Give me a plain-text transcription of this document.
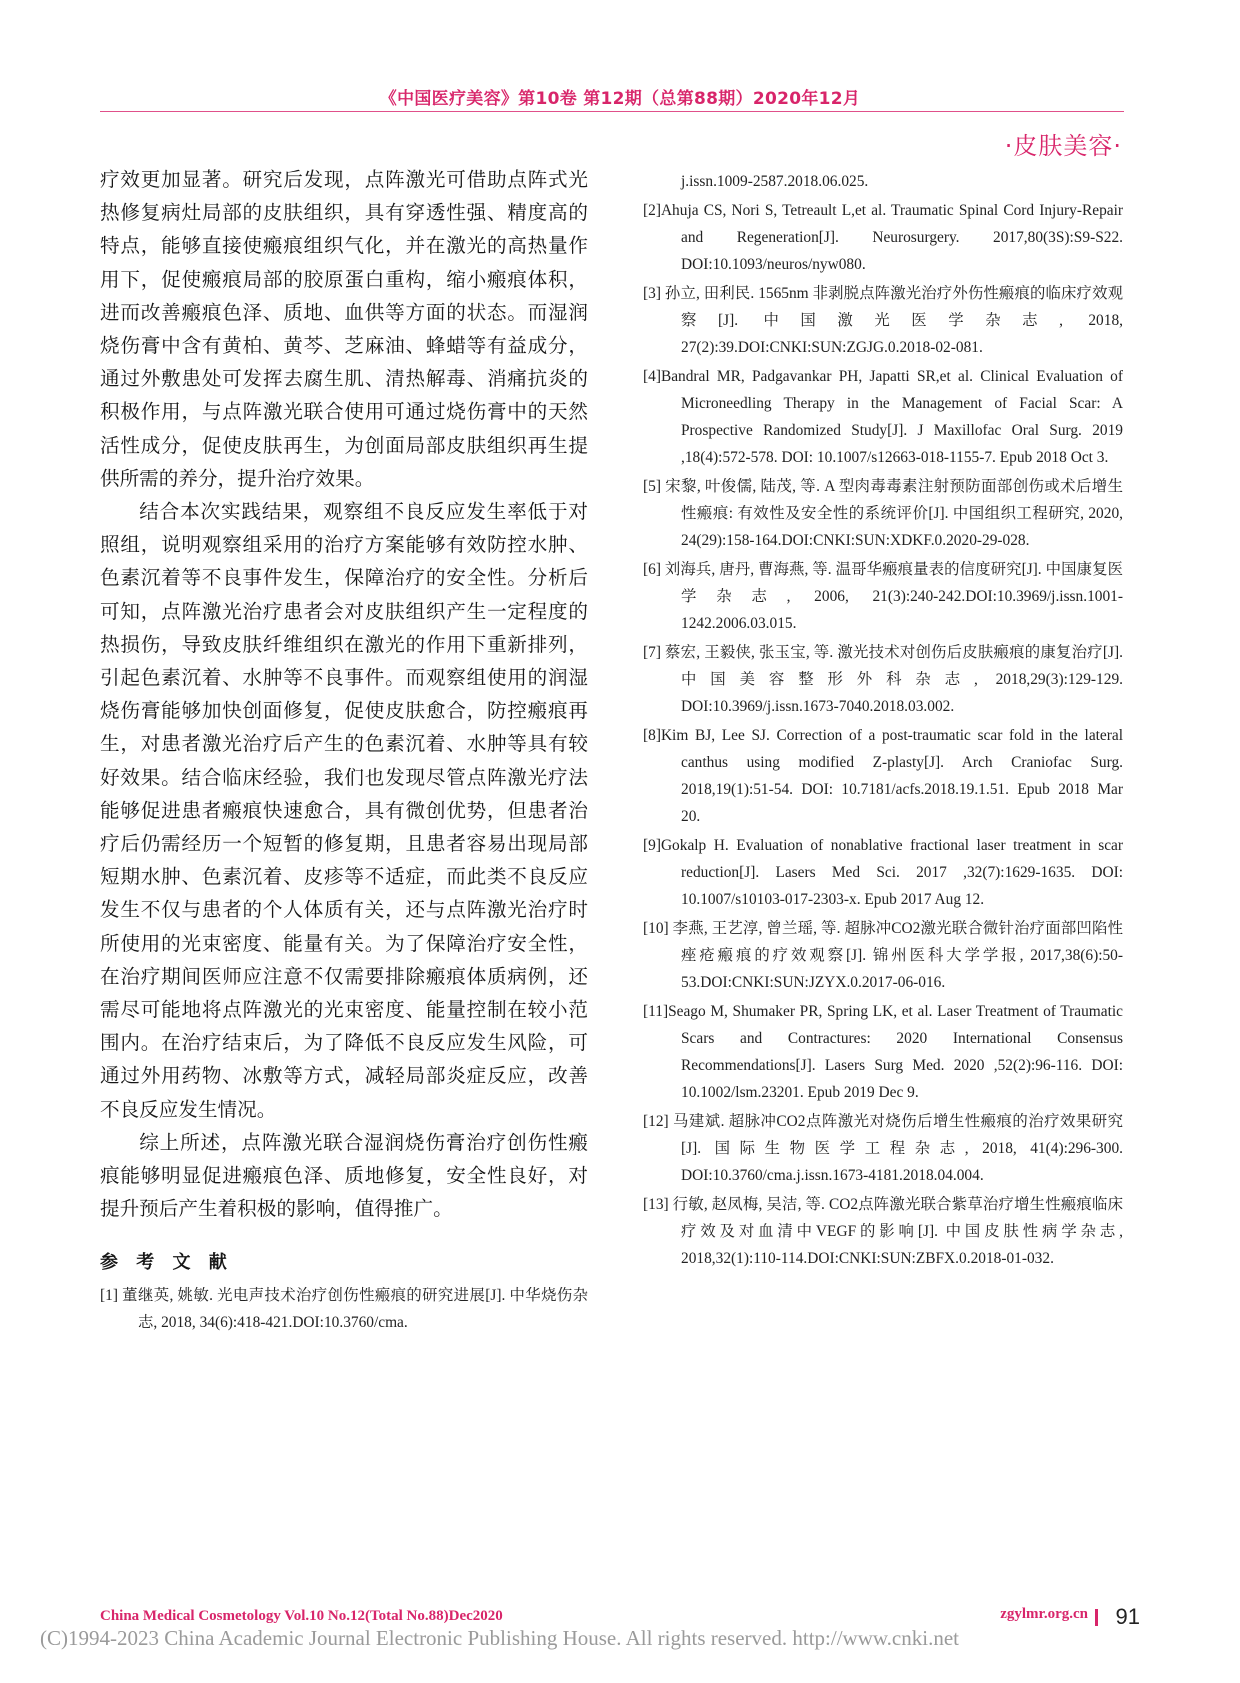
《中国医疗美容》第10卷 第12期（总第88期）2020年12月
·皮肤美容·

疗效更加显著。研究后发现，点阵激光可借助点阵式光热修复病灶局部的皮肤组织，具有穿透性强、精度高的特点，能够直接使瘢痕组织气化，并在激光的高热量作用下，促使瘢痕局部的胶原蛋白重构，缩小瘢痕体积，进而改善瘢痕色泽、质地、血供等方面的状态。而湿润烧伤膏中含有黄柏、黄芩、芝麻油、蜂蜡等有益成分，通过外敷患处可发挥去腐生肌、清热解毒、消痛抗炎的积极作用，与点阵激光联合使用可通过烧伤膏中的天然活性成分，促使皮肤再生，为创面局部皮肤组织再生提供所需的养分，提升治疗效果。

结合本次实践结果，观察组不良反应发生率低于对照组，说明观察组采用的治疗方案能够有效防控水肿、色素沉着等不良事件发生，保障治疗的安全性。分析后可知，点阵激光治疗患者会对皮肤组织产生一定程度的热损伤，导致皮肤纤维组织在激光的作用下重新排列，引起色素沉着、水肿等不良事件。而观察组使用的润湿烧伤膏能够加快创面修复，促使皮肤愈合，防控瘢痕再生，对患者激光治疗后产生的色素沉着、水肿等具有较好效果。结合临床经验，我们也发现尽管点阵激光疗法能够促进患者瘢痕快速愈合，具有微创优势，但患者治疗后仍需经历一个短暂的修复期，且患者容易出现局部短期水肿、色素沉着、皮疹等不适症，而此类不良反应发生不仅与患者的个人体质有关，还与点阵激光治疗时所使用的光束密度、能量有关。为了保障治疗安全性，在治疗期间医师应注意不仅需要排除瘢痕体质病例，还需尽可能地将点阵激光的光束密度、能量控制在较小范围内。在治疗结束后，为了降低不良反应发生风险，可通过外用药物、冰敷等方式，减轻局部炎症反应，改善不良反应发生情况。

综上所述，点阵激光联合湿润烧伤膏治疗创伤性瘢痕能够明显促进瘢痕色泽、质地修复，安全性良好，对提升预后产生着积极的影响，值得推广。

参 考 文 献

[1] 董继英, 姚敏. 光电声技术治疗创伤性瘢痕的研究进展[J]. 中华烧伤杂志, 2018, 34(6):418-421.DOI:10.3760/cma.

j.issn.1009-2587.2018.06.025.

[2]Ahuja CS, Nori S, Tetreault L,et al. Traumatic Spinal Cord Injury-Repair and Regeneration[J]. Neurosurgery. 2017,80(3S):S9-S22. DOI:10.1093/neuros/nyw080.

[3] 孙立, 田利民. 1565nm 非剥脱点阵激光治疗外伤性瘢痕的临床疗效观察[J]. 中国激光医学杂志, 2018, 27(2):39.DOI:CNKI:SUN:ZGJG.0.2018-02-081.

[4]Bandral MR, Padgavankar PH, Japatti SR,et al. Clinical Evaluation of Microneedling Therapy in the Management of Facial Scar: A Prospective Randomized Study[J]. J Maxillofac Oral Surg. 2019 ,18(4):572-578. DOI: 10.1007/s12663-018-1155-7. Epub 2018 Oct 3.

[5] 宋黎, 叶俊儒, 陆茂, 等. A 型肉毒毒素注射预防面部创伤或术后增生性瘢痕: 有效性及安全性的系统评价[J]. 中国组织工程研究, 2020, 24(29):158-164.DOI:CNKI:SUN:XDKF.0.2020-29-028.

[6] 刘海兵, 唐丹, 曹海燕, 等. 温哥华瘢痕量表的信度研究[J]. 中国康复医学杂志, 2006, 21(3):240-242.DOI:10.3969/j.issn.1001-1242.2006.03.015.

[7] 蔡宏, 王毅侠, 张玉宝, 等. 激光技术对创伤后皮肤瘢痕的康复治疗[J]. 中国美容整形外科杂志, 2018,29(3):129-129. DOI:10.3969/j.issn.1673-7040.2018.03.002.

[8]Kim BJ, Lee SJ. Correction of a post-traumatic scar fold in the lateral canthus using modified Z-plasty[J]. Arch Craniofac Surg. 2018,19(1):51-54. DOI: 10.7181/acfs.2018.19.1.51. Epub 2018 Mar 20.

[9]Gokalp H. Evaluation of nonablative fractional laser treatment in scar reduction[J]. Lasers Med Sci. 2017 ,32(7):1629-1635. DOI: 10.1007/s10103-017-2303-x. Epub 2017 Aug 12.

[10] 李燕, 王艺淳, 曾兰瑶, 等. 超脉冲CO2激光联合微针治疗面部凹陷性痤疮瘢痕的疗效观察[J]. 锦州医科大学学报, 2017,38(6):50-53.DOI:CNKI:SUN:JZYX.0.2017-06-016.

[11]Seago M, Shumaker PR, Spring LK, et al. Laser Treatment of Traumatic Scars and Contractures: 2020 International Consensus Recommendations[J]. Lasers Surg Med. 2020 ,52(2):96-116. DOI: 10.1002/lsm.23201. Epub 2019 Dec 9.

[12] 马建斌. 超脉冲CO2点阵激光对烧伤后增生性瘢痕的治疗效果研究[J]. 国际生物医学工程杂志, 2018, 41(4):296-300. DOI:10.3760/cma.j.issn.1673-4181.2018.04.004.

[13] 行敏, 赵凤梅, 吴洁, 等. CO2点阵激光联合紫草治疗增生性瘢痕临床疗效及对血清中VEGF的影响[J]. 中国皮肤性病学杂志, 2018,32(1):110-114.DOI:CNKI:SUN:ZBFX.0.2018-01-032.

China Medical Cosmetology Vol.10 No.12(Total No.88)Dec2020	zgylmr.org.cn 91
(C)1994-2023 China Academic Journal Electronic Publishing House. All rights reserved. http://www.cnki.net
